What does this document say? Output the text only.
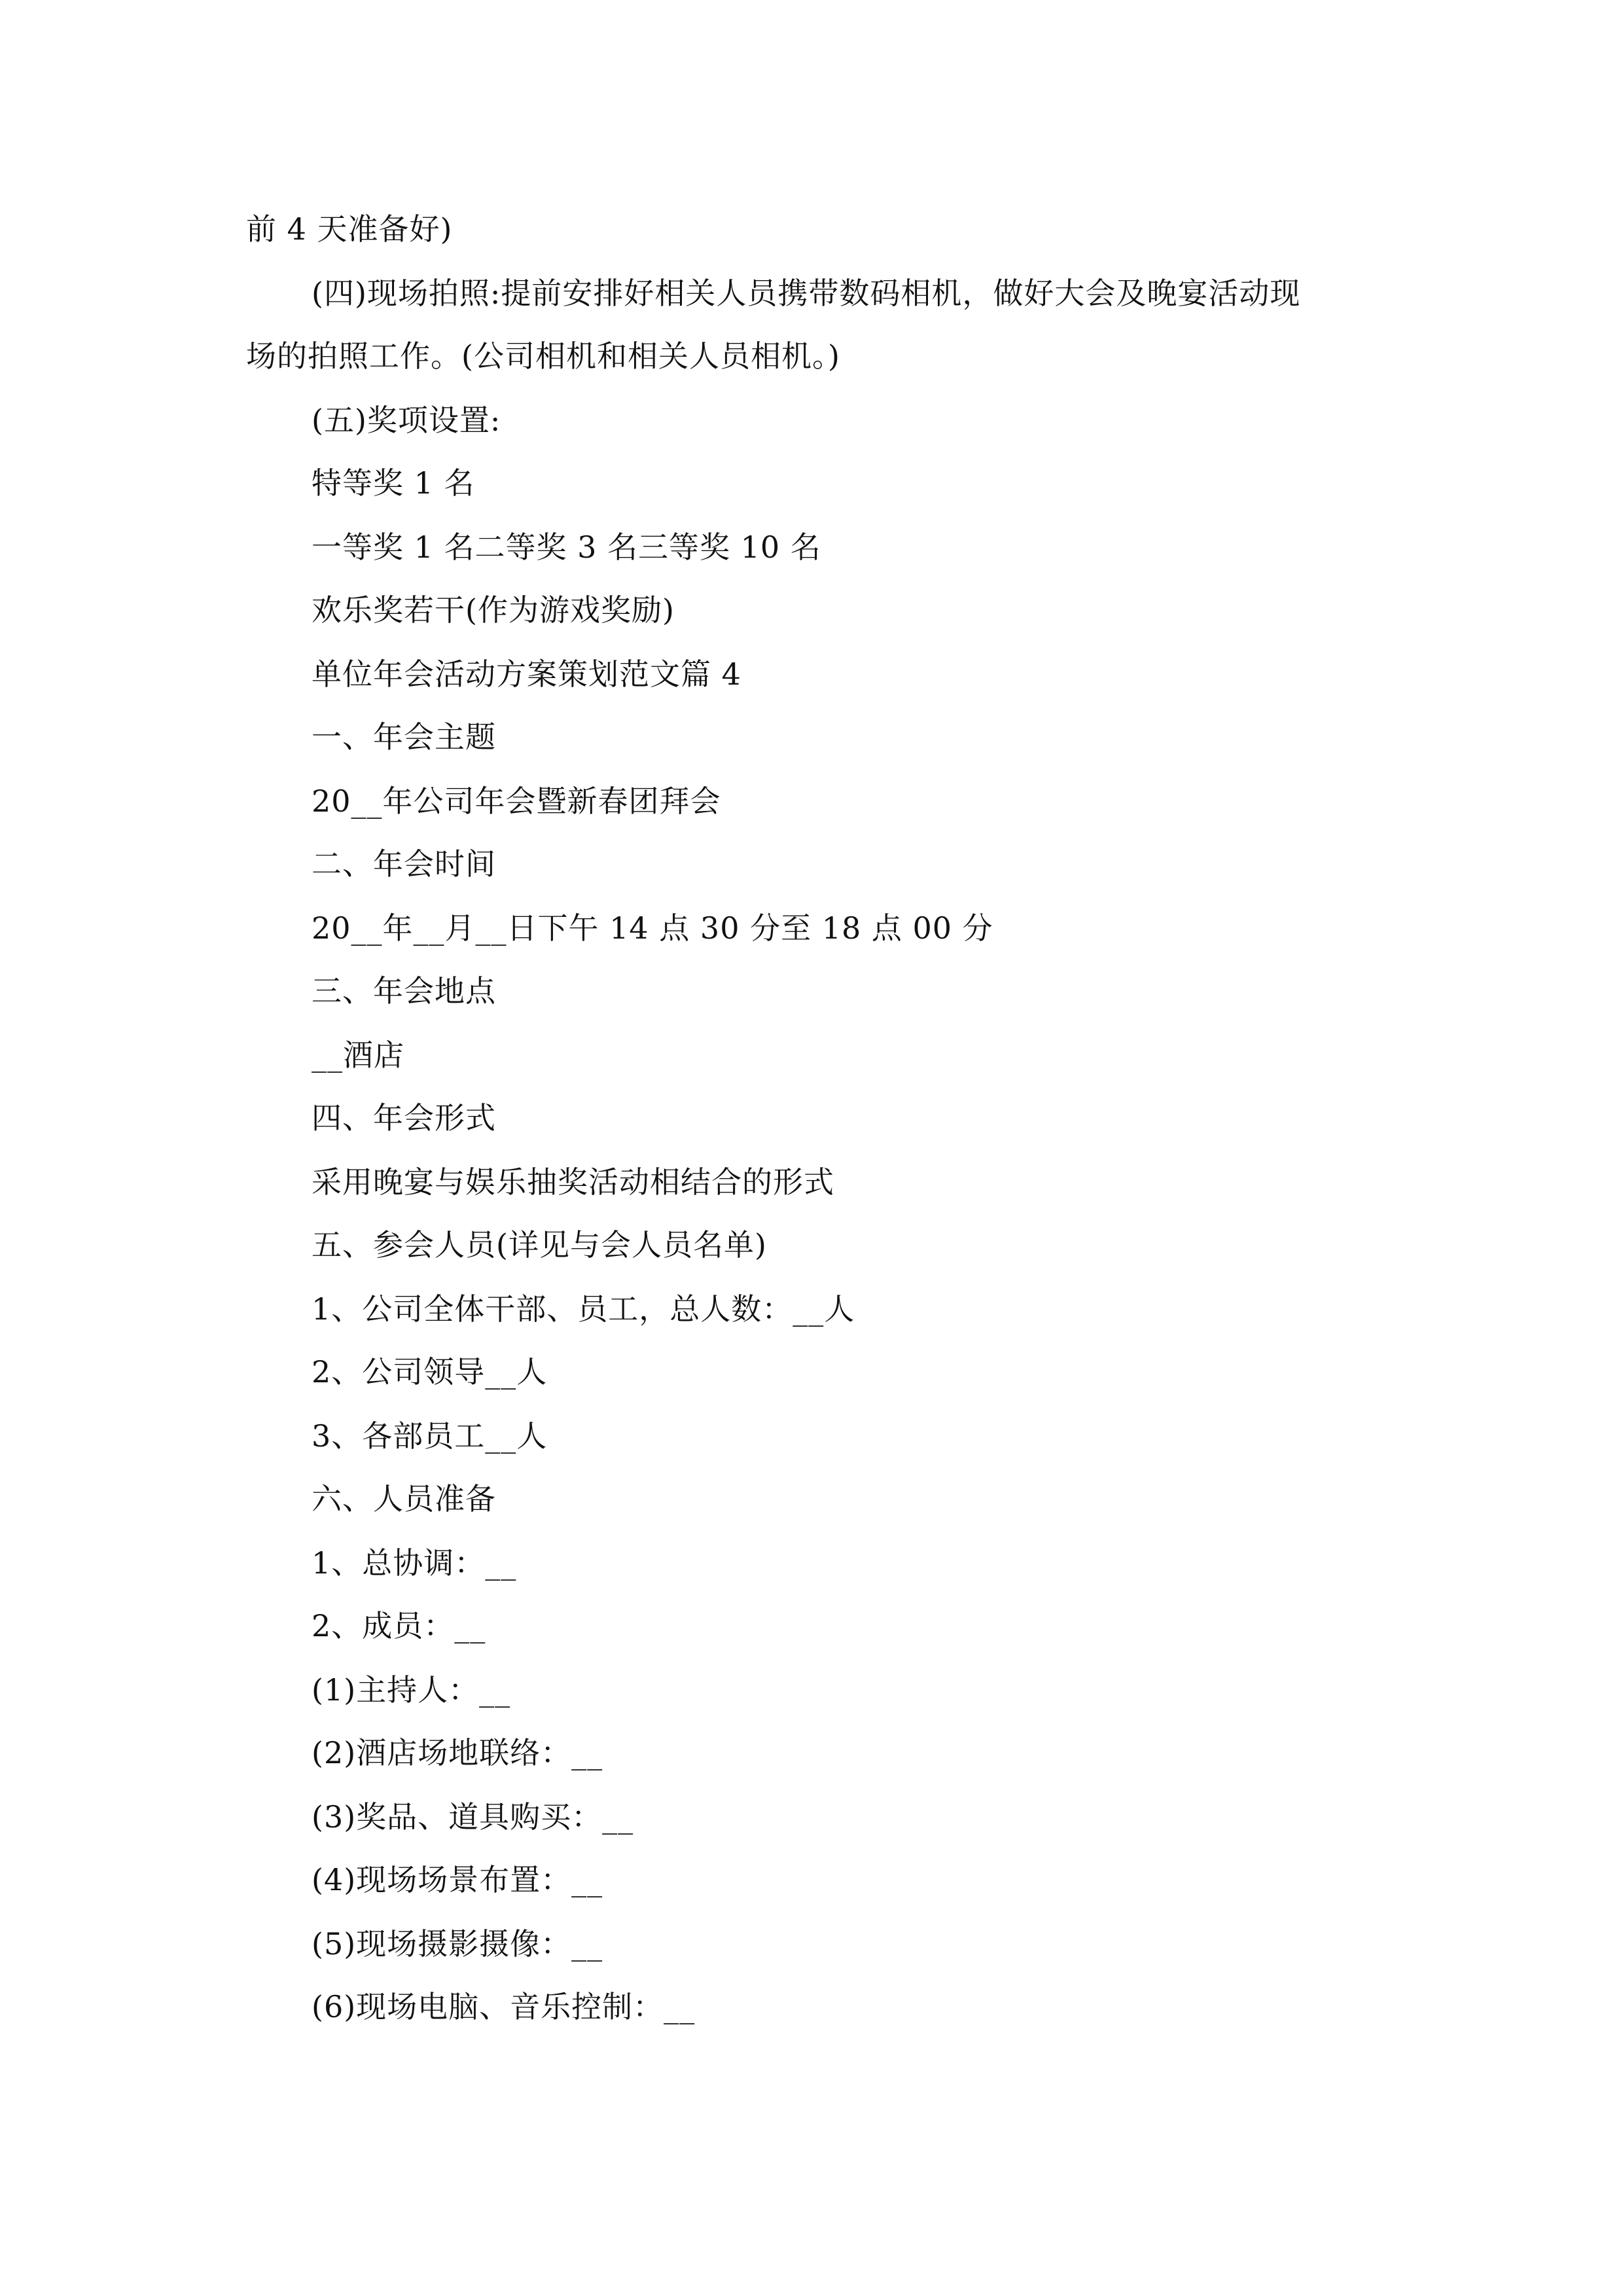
前 4 天准备好)
(四)现场拍照:提前安排好相关人员携带数码相机，做好大会及晚宴活动现
场的拍照工作。(公司相机和相关人员相机。)
(五)奖项设置:
特等奖 1 名
一等奖 1 名二等奖 3 名三等奖 10 名
欢乐奖若干(作为游戏奖励)
单位年会活动方案策划范文篇 4
一、年会主题
20__年公司年会暨新春团拜会
二、年会时间
20__年__月__日下午 14 点 30 分至 18 点 00 分
三、年会地点
__酒店
四、年会形式
采用晚宴与娱乐抽奖活动相结合的形式
五、参会人员(详见与会人员名单)
1、公司全体干部、员工，总人数：__人
2、公司领导__人
3、各部员工__人
六、人员准备
1、总协调：__
2、成员：__
(1)主持人：__
(2)酒店场地联络：__
(3)奖品、道具购买：__
(4)现场场景布置：__
(5)现场摄影摄像：__
(6)现场电脑、音乐控制：__
